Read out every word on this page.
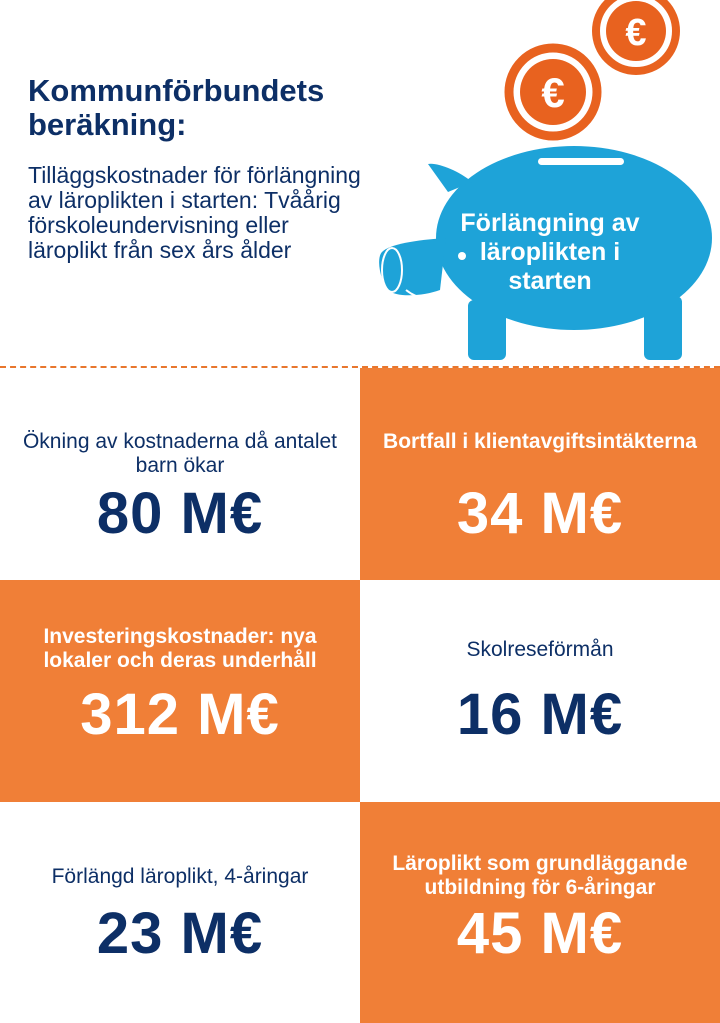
Kommunförbundets beräkning:
Tilläggskostnader för förlängning av läroplikten i starten: Tvåårig förskoleundervisning eller läroplikt från sex års ålder
€
€
Förlängning av läroplikten i starten
Ökning av kostnaderna då antalet barn ökar
80 M€
Bortfall i klientavgiftsintäkterna
34 M€
Investeringskostnader: nya lokaler och deras underhåll
312 M€
Skolreseförmån
16 M€
Förlängd läroplikt, 4-åringar
23 M€
Läroplikt som grundläggande utbildning för 6-åringar
45 M€
